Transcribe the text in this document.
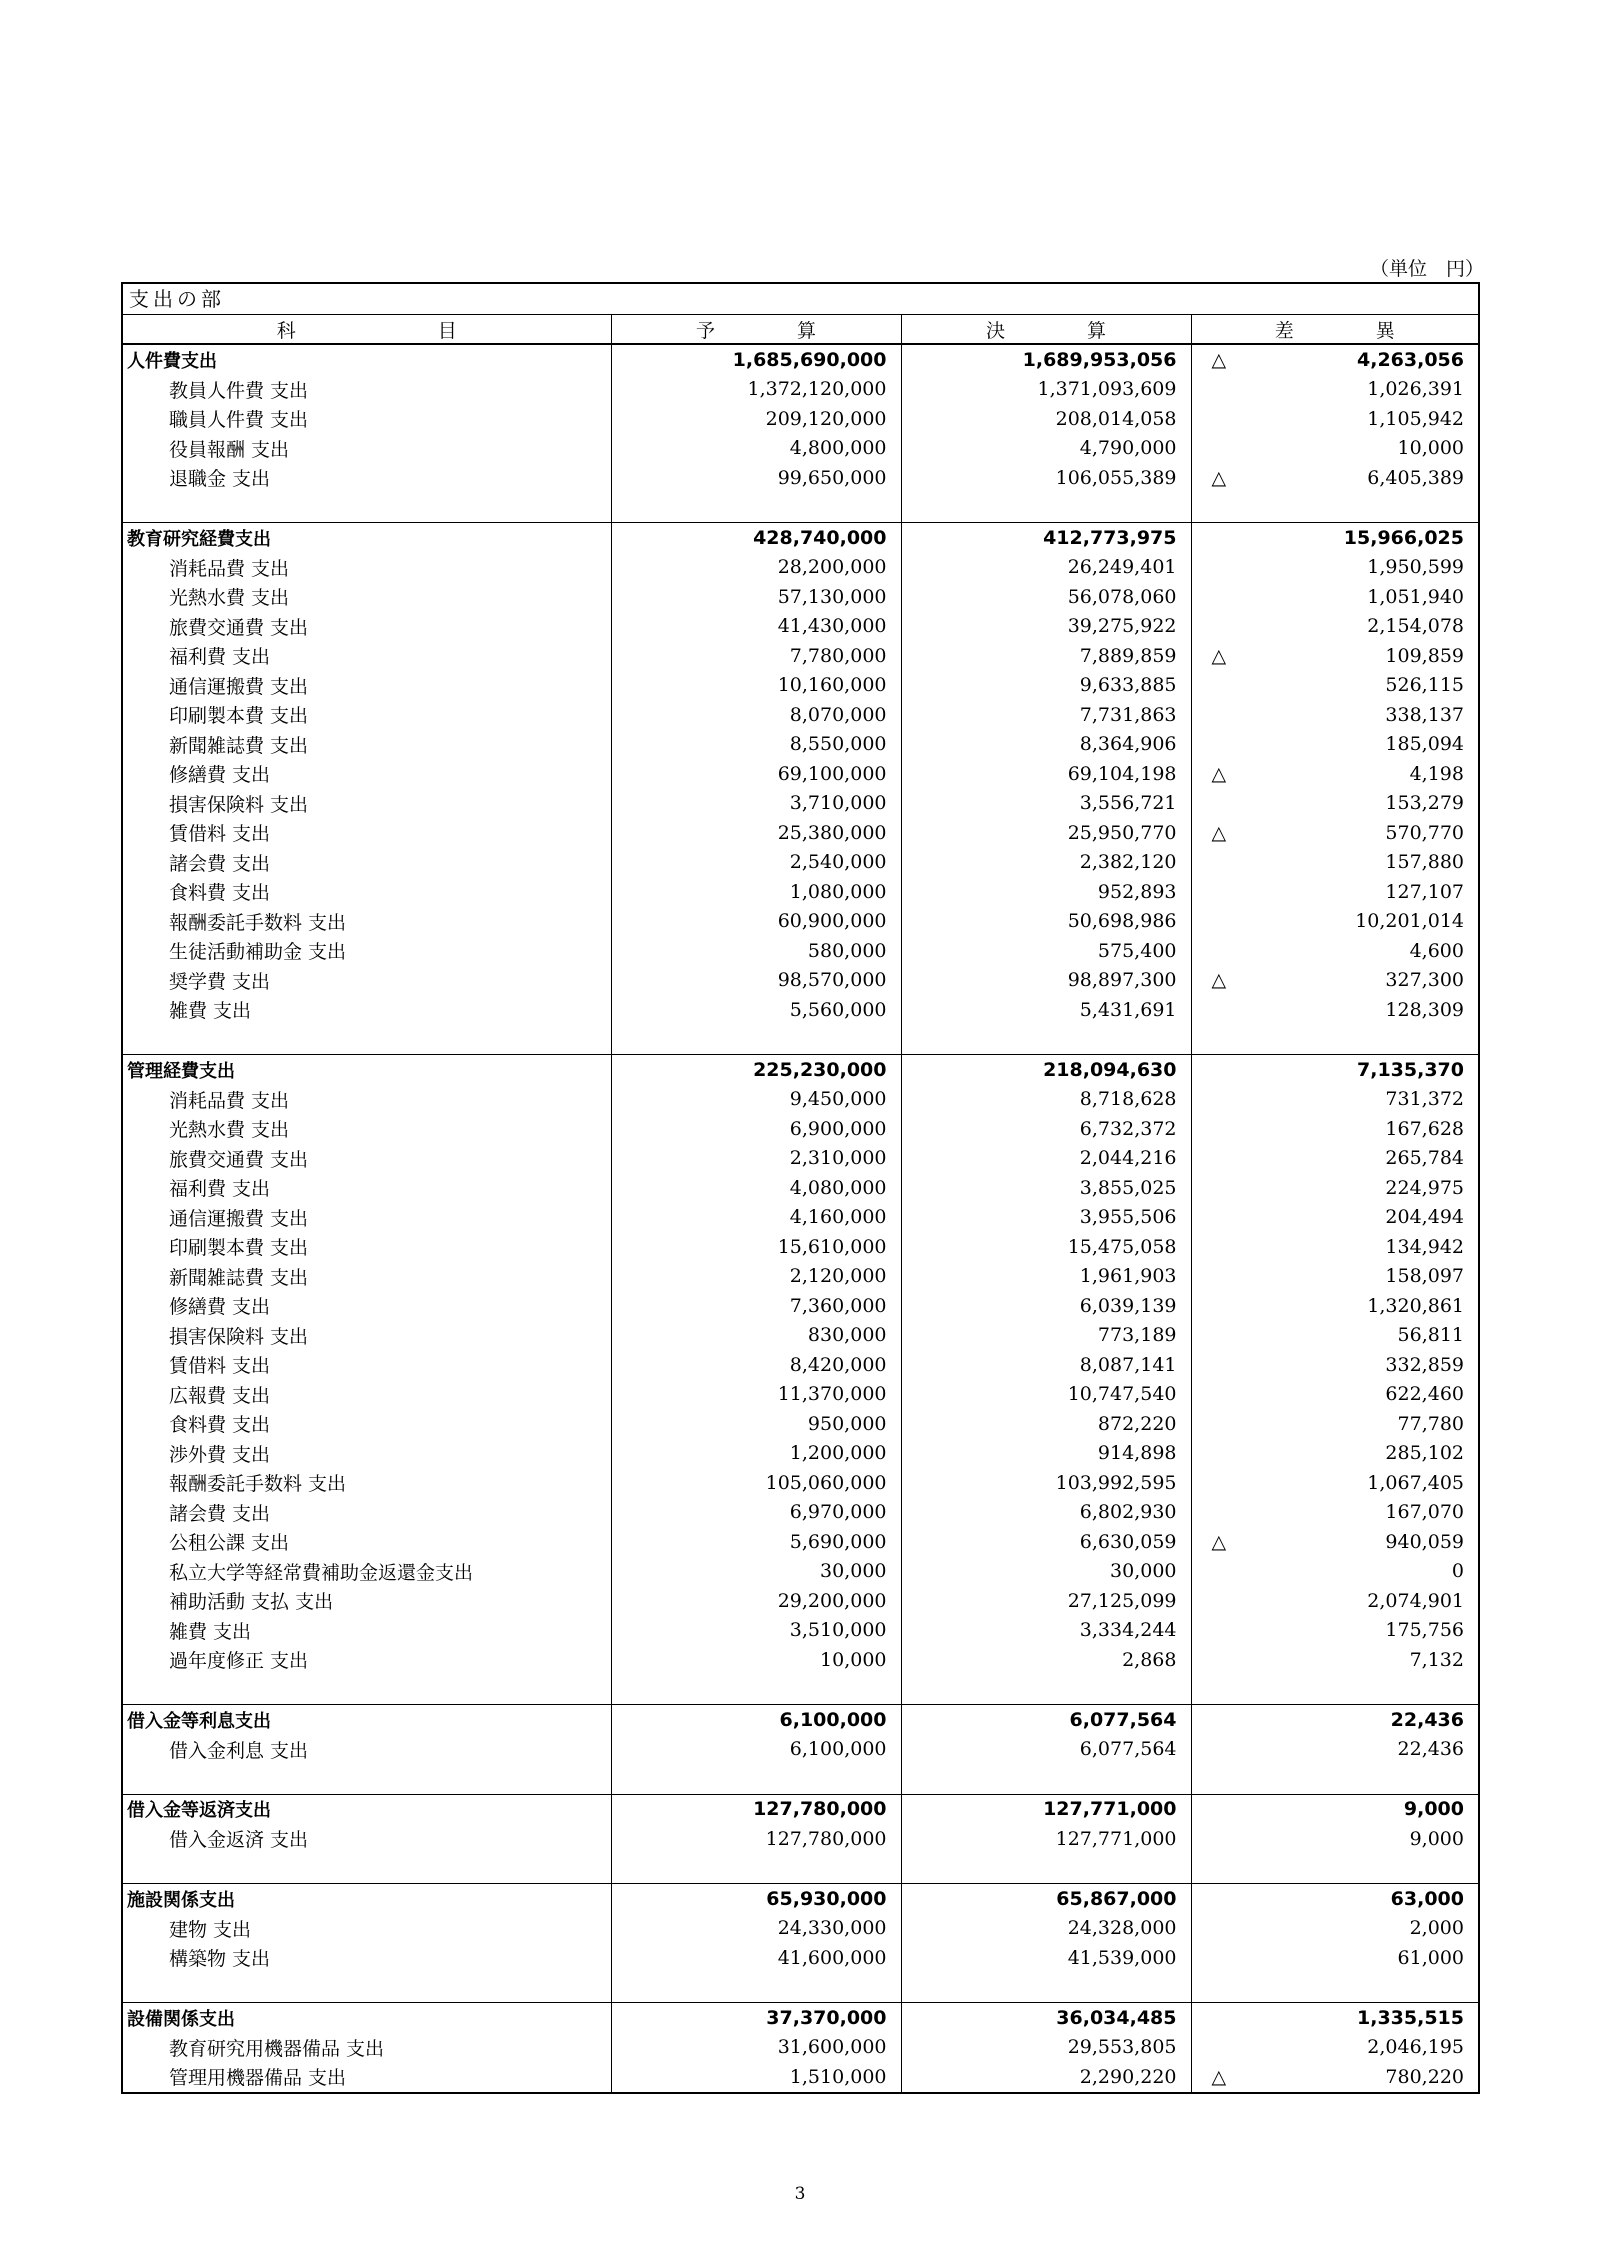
（単位　円）
支出の部
科 目	予 算	決 算	差 異

人件費支出	1,685,690,000	1,689,953,056	△ 4,263,056

教員人件費 支出	1,372,120,000	1,371,093,609	1,026,391

職員人件費 支出	209,120,000	208,014,058	1,105,942

役員報酬 支出	4,800,000	4,790,000	10,000

退職金 支出	99,650,000	106,055,389	△ 6,405,389

教育研究経費支出	428,740,000	412,773,975	15,966,025

消耗品費 支出	28,200,000	26,249,401	1,950,599

光熱水費 支出	57,130,000	56,078,060	1,051,940

旅費交通費 支出	41,430,000	39,275,922	2,154,078

福利費 支出	7,780,000	7,889,859	△ 109,859

通信運搬費 支出	10,160,000	9,633,885	526,115

印刷製本費 支出	8,070,000	7,731,863	338,137

新聞雑誌費 支出	8,550,000	8,364,906	185,094

修繕費 支出	69,100,000	69,104,198	△ 4,198

損害保険料 支出	3,710,000	3,556,721	153,279

賃借料 支出	25,380,000	25,950,770	△ 570,770

諸会費 支出	2,540,000	2,382,120	157,880

食料費 支出	1,080,000	952,893	127,107

報酬委託手数料 支出	60,900,000	50,698,986	10,201,014

生徒活動補助金 支出	580,000	575,400	4,600

奨学費 支出	98,570,000	98,897,300	△ 327,300

雑費 支出	5,560,000	5,431,691	128,309

管理経費支出	225,230,000	218,094,630	7,135,370

消耗品費 支出	9,450,000	8,718,628	731,372

光熱水費 支出	6,900,000	6,732,372	167,628

旅費交通費 支出	2,310,000	2,044,216	265,784

福利費 支出	4,080,000	3,855,025	224,975

通信運搬費 支出	4,160,000	3,955,506	204,494

印刷製本費 支出	15,610,000	15,475,058	134,942

新聞雑誌費 支出	2,120,000	1,961,903	158,097

修繕費 支出	7,360,000	6,039,139	1,320,861

損害保険料 支出	830,000	773,189	56,811

賃借料 支出	8,420,000	8,087,141	332,859

広報費 支出	11,370,000	10,747,540	622,460

食料費 支出	950,000	872,220	77,780

渉外費 支出	1,200,000	914,898	285,102

報酬委託手数料 支出	105,060,000	103,992,595	1,067,405

諸会費 支出	6,970,000	6,802,930	167,070

公租公課 支出	5,690,000	6,630,059	△ 940,059

私立大学等経常費補助金返還金支出	30,000	30,000	0

補助活動 支払 支出	29,200,000	27,125,099	2,074,901

雑費 支出	3,510,000	3,334,244	175,756

過年度修正 支出	10,000	2,868	7,132

借入金等利息支出	6,100,000	6,077,564	22,436

借入金利息 支出	6,100,000	6,077,564	22,436

借入金等返済支出	127,780,000	127,771,000	9,000

借入金返済 支出	127,780,000	127,771,000	9,000

施設関係支出	65,930,000	65,867,000	63,000

建物 支出	24,330,000	24,328,000	2,000

構築物 支出	41,600,000	41,539,000	61,000

設備関係支出	37,370,000	36,034,485	1,335,515

教育研究用機器備品 支出	31,600,000	29,553,805	2,046,195

管理用機器備品 支出	1,510,000	2,290,220	△ 780,220
3
